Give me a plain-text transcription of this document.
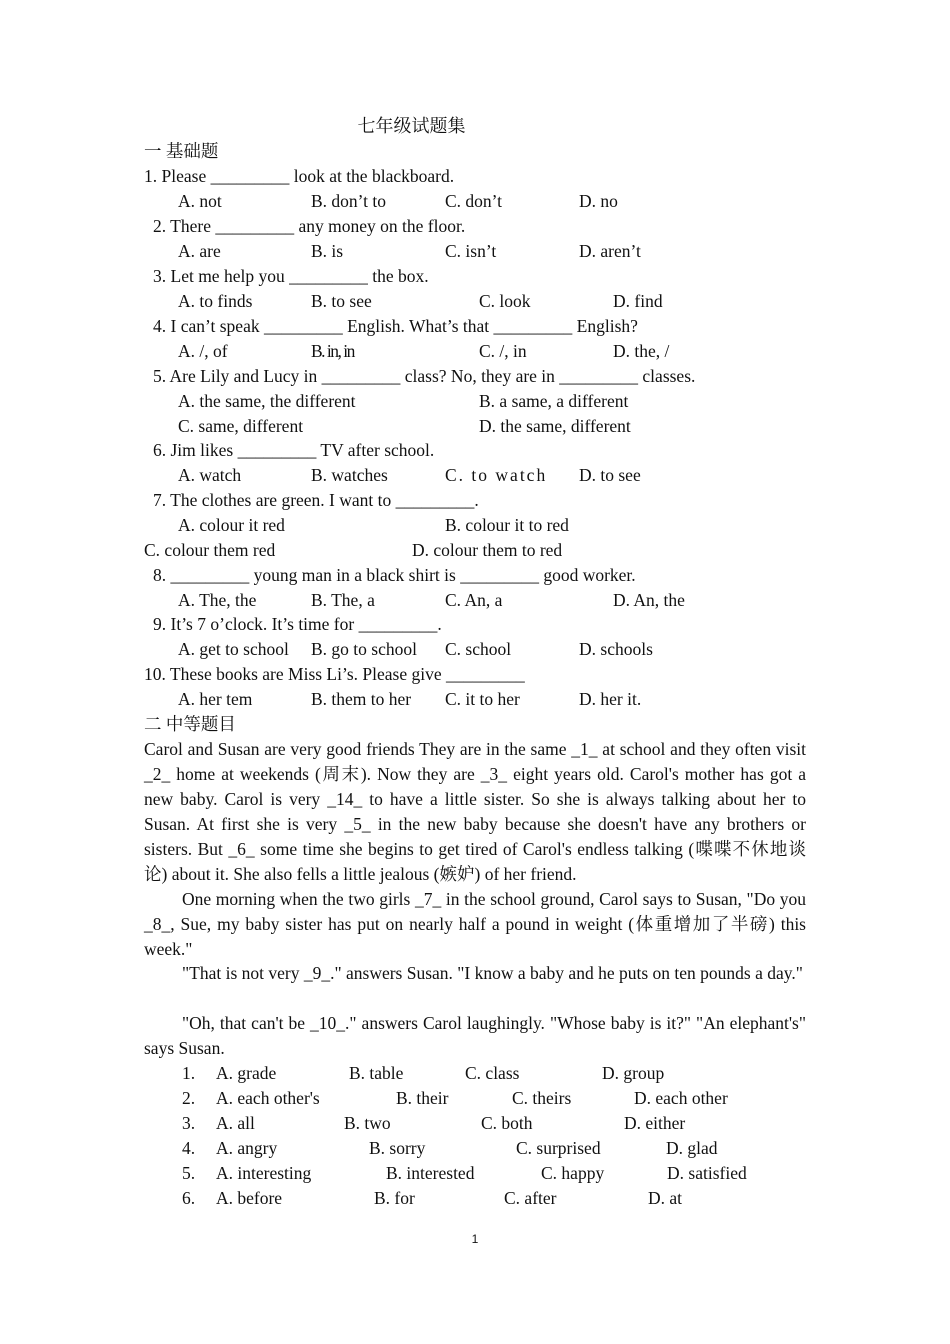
七年级试题集
一 基础题
1. Please _________ look at the blackboard.
A. not	B. don’t to	C. don’t	D. no
2. There _________ any money on the floor.
A. are	B. is	C. isn’t	D. aren’t
3. Let me help you _________ the box.
A. to finds	B. to see	C. look	D. find
4. I can’t speak _________ English. What’s that _________ English?
A. /, of	B. in, in	C. /, in	D. the, /
5. Are Lily and Lucy in _________ class? No, they are in _________ classes.
A. the same, the different	B. a same, a different
C. same, different	D. the same, different
6. Jim likes _________ TV after school.
A. watch	B. watches	C. to watch D. to see
7. The clothes are green. I want to _________.
A. colour it red	B. colour it to red
C. colour them red	D. colour them to red
8. _________ young man in a black shirt is _________ good worker.
A. The, the	B. The, a	C. An, a	D. An, the
9. It’s 7 o’clock. It’s time for _________.
A. get to school B. go to school C. school	D. schools
10. These books are Miss Li’s. Please give _________
A. her tem	B. them to her C. it to her	D. her it.
二 中等题目
Carol and Susan are very good friends They are in the same _1_ at school and they often visit _2_ home at weekends (周末). Now they are _3_ eight years old. Carol's mother has got a new baby. Carol is very _14_ to have a little sister. So she is always talking about her to Susan. At first she is very _5_ in the new baby because she doesn't have any brothers or sisters. But _6_ some time she begins to get tired of Carol's endless talking (喋喋不休地谈论) about it. She also fells a little jealous (嫉妒) of her friend.
One morning when the two girls _7_ in the school ground, Carol says to Susan, "Do you _8_, Sue, my baby sister has put on nearly half a pound in weight (体重增加了半磅) this week."
"That is not very _9_." answers Susan. "I know a baby and he puts on ten pounds a day."
"Oh, that can't be _10_." answers Carol laughingly. "Whose baby is it?" "An elephant's" says Susan.
1. A. grade	B. table	C. class	D. group
2. A. each other's	B. their	C. theirs	D. each other
3. A. all	B. two	C. both	D. either
4. A. angry	B. sorry	C. surprised	D. glad
5. A. interesting	B. interested	C. happy	D. satisfied
6. A. before	B. for	C. after	D. at
1
